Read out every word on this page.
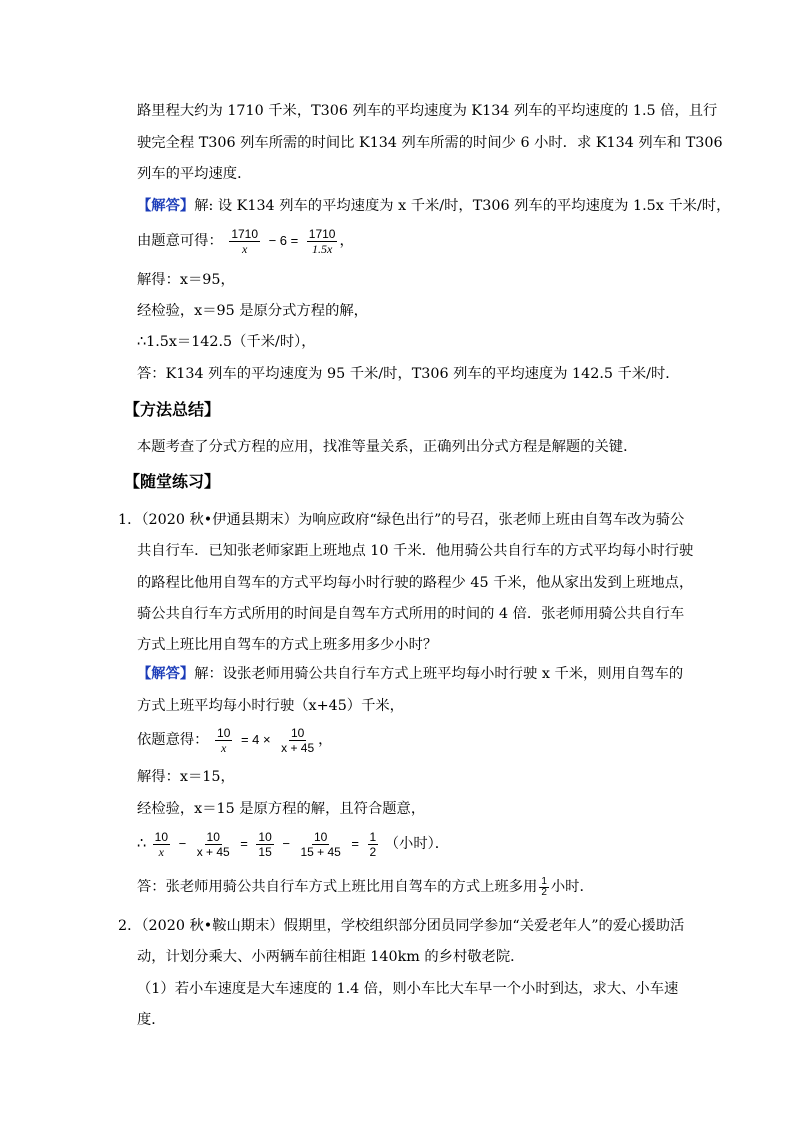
路里程大约为 1710 千米，T306 列车的平均速度为 K134 列车的平均速度的 1.5 倍，且行
驶完全程 T306 列车所需的时间比 K134 列车所需的时间少 6 小时．求 K134 列车和 T306
列车的平均速度．
【解答】解: 设 K134 列车的平均速度为 x 千米/时，T306 列车的平均速度为 1.5x 千米/时，
由题意可得： $\frac{1710}{x} - 6 = \frac{1710}{1.5x}$ ，
解得：x＝95，
经检验，x＝95 是原分式方程的解，
∴1.5x＝142.5（千米/时），
答：K134 列车的平均速度为 95 千米/时，T306 列车的平均速度为 142.5 千米/时．
【方法总结】
本题考查了分式方程的应用，找准等量关系，正确列出分式方程是解题的关键．
【随堂练习】
1．（2020 秋•伊通县期末）为响应政府“绿色出行”的号召，张老师上班由自驾车改为骑公
共自行车．已知张老师家距上班地点 10 千米．他用骑公共自行车的方式平均每小时行驶
的路程比他用自驾车的方式平均每小时行驶的路程少 45 千米，他从家出发到上班地点，
骑公共自行车方式所用的时间是自驾车方式所用的时间的 4 倍．张老师用骑公共自行车
方式上班比用自驾车的方式上班多用多少小时？
【解答】解：设张老师用骑公共自行车方式上班平均每小时行驶 x 千米，则用自驾车的
方式上班平均每小时行驶（x+45）千米，
依题意得： $\frac{10}{x} = 4 \times \frac{10}{x + 45}$ ，
解得：x＝15，
经检验，x＝15 是原方程的解，且符合题意，
∴ $\frac{10}{x} - \frac{10}{x + 45} = \frac{10}{15} - \frac{10}{15 + 45} = \frac{1}{2}$ （小时）．
答：张老师用骑公共自行车方式上班比用自驾车的方式上班多用 $\frac{1}{2}$ 小时．
2．（2020 秋•鞍山期末）假期里，学校组织部分团员同学参加“关爱老年人”的爱心援助活
动，计划分乘大、小两辆车前往相距 140km 的乡村敬老院．
（1）若小车速度是大车速度的 1.4 倍，则小车比大车早一个小时到达，求大、小车速
度．
